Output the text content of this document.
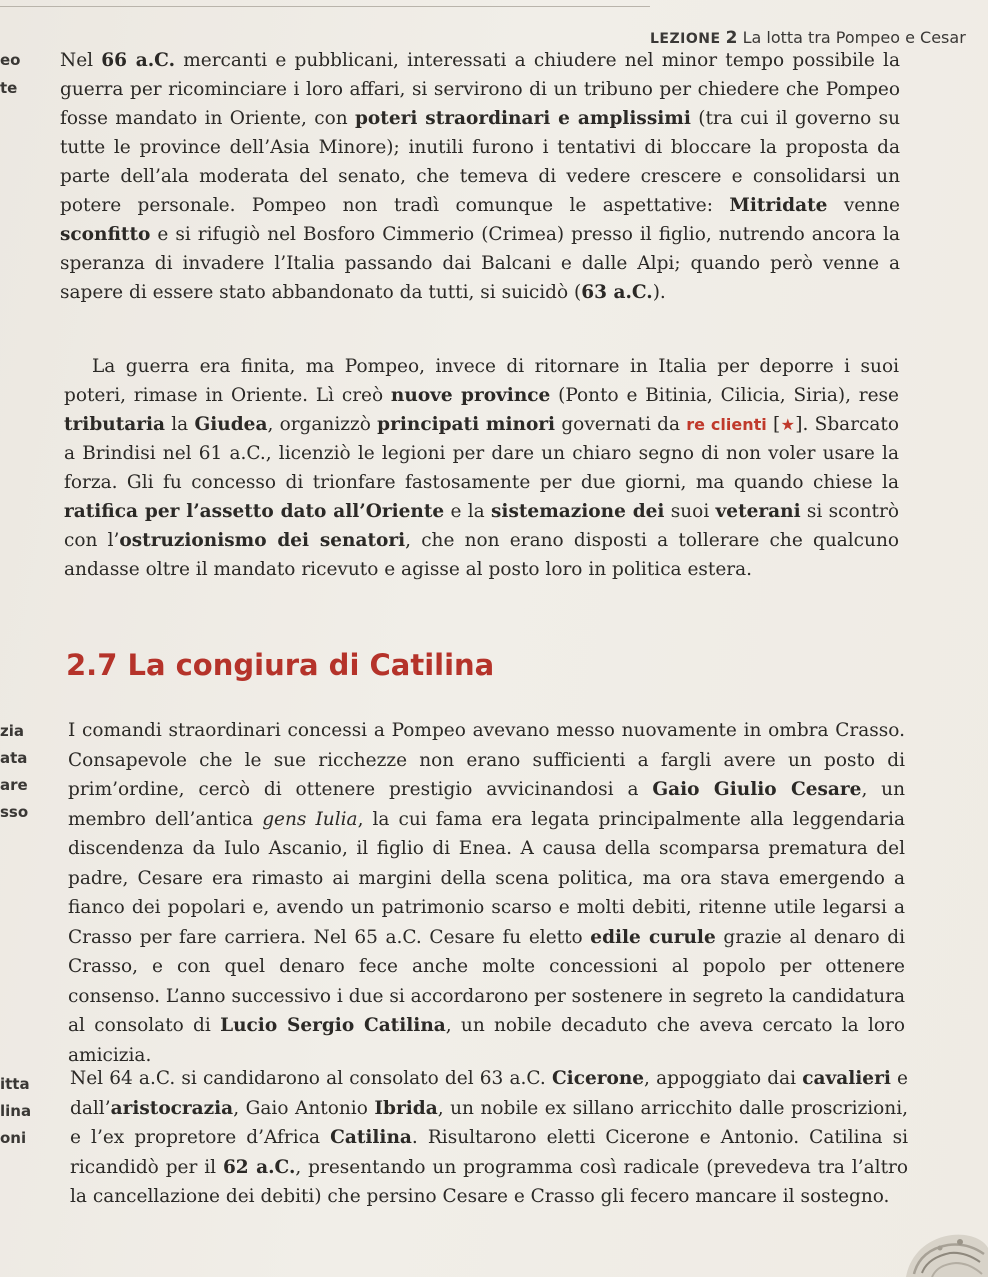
LEZIONE 2 La lotta tra Pompeo e Cesar
eo
te
Nel 66 a.C. mercanti e pubblicani, interessati a chiudere nel minor tempo possibile la guerra per ricominciare i loro affari, si servirono di un tribuno per chiedere che Pompeo fosse mandato in Oriente, con poteri straordinari e amplissimi (tra cui il governo su tutte le province dell’Asia Minore); inutili furono i tentativi di bloccare la proposta da parte dell’ala moderata del senato, che temeva di vedere crescere e consolidarsi un potere personale. Pompeo non tradì comunque le aspettative: Mitridate venne sconfitto e si rifugiò nel Bosforo Cimmerio (Crimea) presso il figlio, nutrendo ancora la speranza di invadere l’Italia passando dai Balcani e dalle Alpi; quando però venne a sapere di essere stato abbandonato da tutti, si suicidò (63 a.C.).
La guerra era finita, ma Pompeo, invece di ritornare in Italia per deporre i suoi poteri, rimase in Oriente. Lì creò nuove province (Ponto e Bitinia, Cilicia, Siria), rese tributaria la Giudea, organizzò principati minori governati da re clienti [★]. Sbarcato a Brindisi nel 61 a.C., licenziò le legioni per dare un chiaro segno di non voler usare la forza. Gli fu concesso di trionfare fastosamente per due giorni, ma quando chiese la ratifica per l’assetto dato all’Oriente e la sistemazione dei suoi veterani si scontrò con l’ostruzionismo dei senatori, che non erano disposti a tollerare che qualcuno andasse oltre il mandato ricevuto e agisse al posto loro in politica estera.
2.7 La congiura di Catilina
zia
ata
are
sso
I comandi straordinari concessi a Pompeo avevano messo nuovamente in ombra Crasso. Consapevole che le sue ricchezze non erano sufficienti a fargli avere un posto di prim’ordine, cercò di ottenere prestigio avvicinandosi a Gaio Giulio Cesare, un membro dell’antica gens Iulia, la cui fama era legata principalmente alla leggendaria discendenza da Iulo Ascanio, il figlio di Enea. A causa della scomparsa prematura del padre, Cesare era rimasto ai margini della scena politica, ma ora stava emergendo a fianco dei popolari e, avendo un patrimonio scarso e molti debiti, ritenne utile legarsi a Crasso per fare carriera. Nel 65 a.C. Cesare fu eletto edile curule grazie al denaro di Crasso, e con quel denaro fece anche molte concessioni al popolo per ottenere consenso. L’anno successivo i due si accordarono per sostenere in segreto la candidatura al consolato di Lucio Sergio Catilina, un nobile decaduto che aveva cercato la loro amicizia.
itta
lina
oni
Nel 64 a.C. si candidarono al consolato del 63 a.C. Cicerone, appoggiato dai cavalieri e dall’aristocrazia, Gaio Antonio Ibrida, un nobile ex sillano arricchito dalle proscrizioni, e l’ex propretore d’Africa Catilina. Risultarono eletti Cicerone e Antonio. Catilina si ricandidò per il 62 a.C., presentando un programma così radicale (prevedeva tra l’altro la cancellazione dei debiti) che persino Cesare e Crasso gli fecero mancare il sostegno.
